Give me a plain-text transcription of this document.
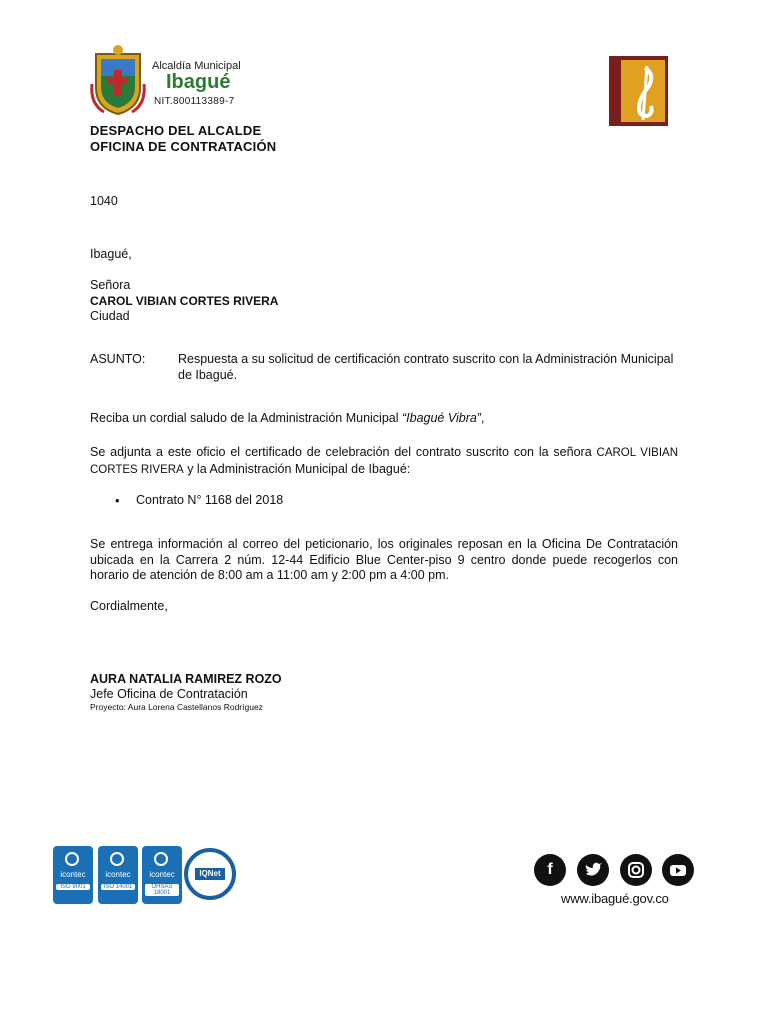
Alcaldía Municipal
Ibagué
NIT.800113389-7
DESPACHO DEL ALCALDE
OFICINA DE CONTRATACIÓN
1040
Ibagué,
Señora
CAROL VIBIAN CORTES RIVERA
Ciudad
ASUNTO:	Respuesta a su solicitud de certificación contrato suscrito con la Administración Municipal de Ibagué.
Reciba un cordial saludo de la Administración Municipal “Ibagué Vibra”,
Se adjunta a este oficio el certificado de celebración del contrato suscrito con la señora CAROL VIBIAN CORTES RIVERA y la Administración Municipal de Ibagué:
• Contrato N° 1168 del 2018
Se entrega información al correo del peticionario, los originales reposan en la Oficina De Contratación ubicada en la Carrera 2 núm. 12-44 Edificio Blue Center-piso 9 centro donde puede recogerlos con horario de atención de 8:00 am a 11:00 am y 2:00 pm a 4:00 pm.
Cordialmente,
AURA NATALIA RAMIREZ ROZO
Jefe Oficina de Contratación
Proyecto: Aura Lorena Castellanos Rodríguez
icontec
ISO 9001
icontec
ISO 14001
icontec
OHSAS 18001
IQNet	f
www.ibagué.gov.co
